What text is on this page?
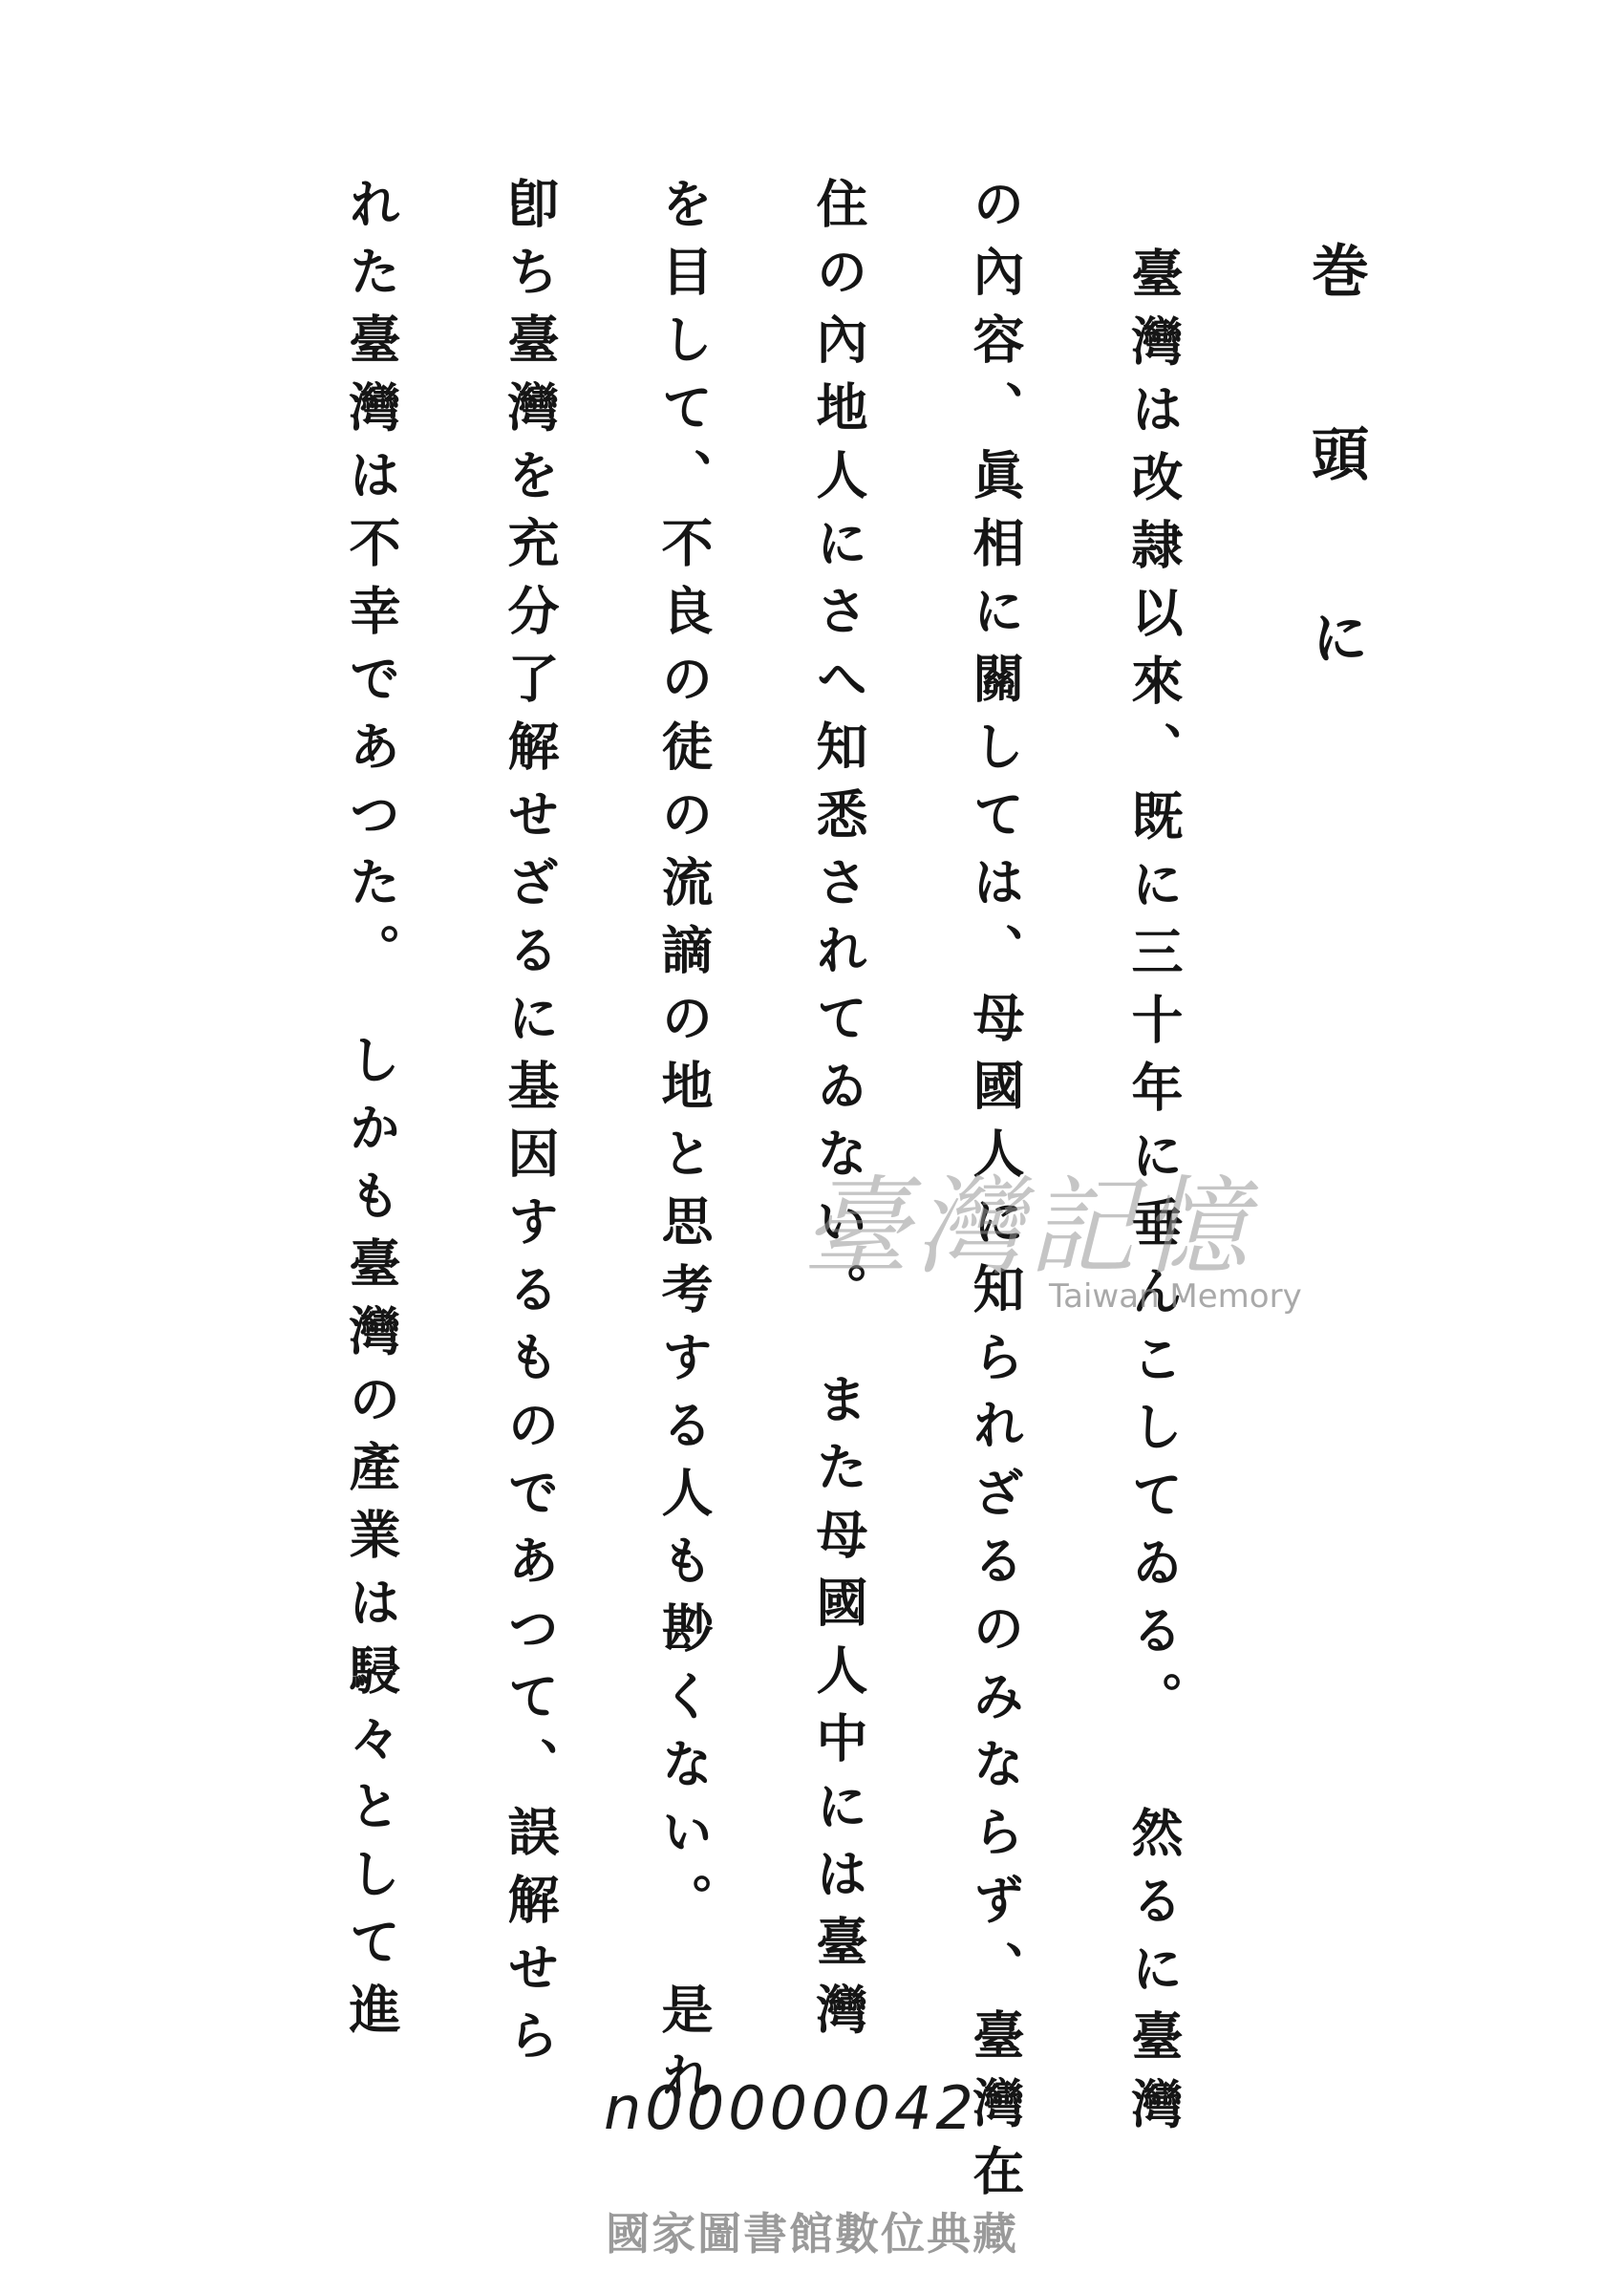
巻　頭　に
臺灣は改隷以來、既に三十年に垂んこしてゐる。然るに臺灣
の內容、眞相に關しては、母國人に知られざるのみならず、臺灣在
住の內地人にさへ知悉されてゐない。　また母國人中には臺灣
を目して、不良の徒の流謫の地と思考する人も尠くない。　是れ
卽ち臺灣を充分了解せざるに基因するものであつて、誤解せら
れた臺灣は不幸であつた。　しかも臺灣の產業は駸々として進	臺灣記憶
Taiwan Memory
n00000042
國家圖書館數位典藏
